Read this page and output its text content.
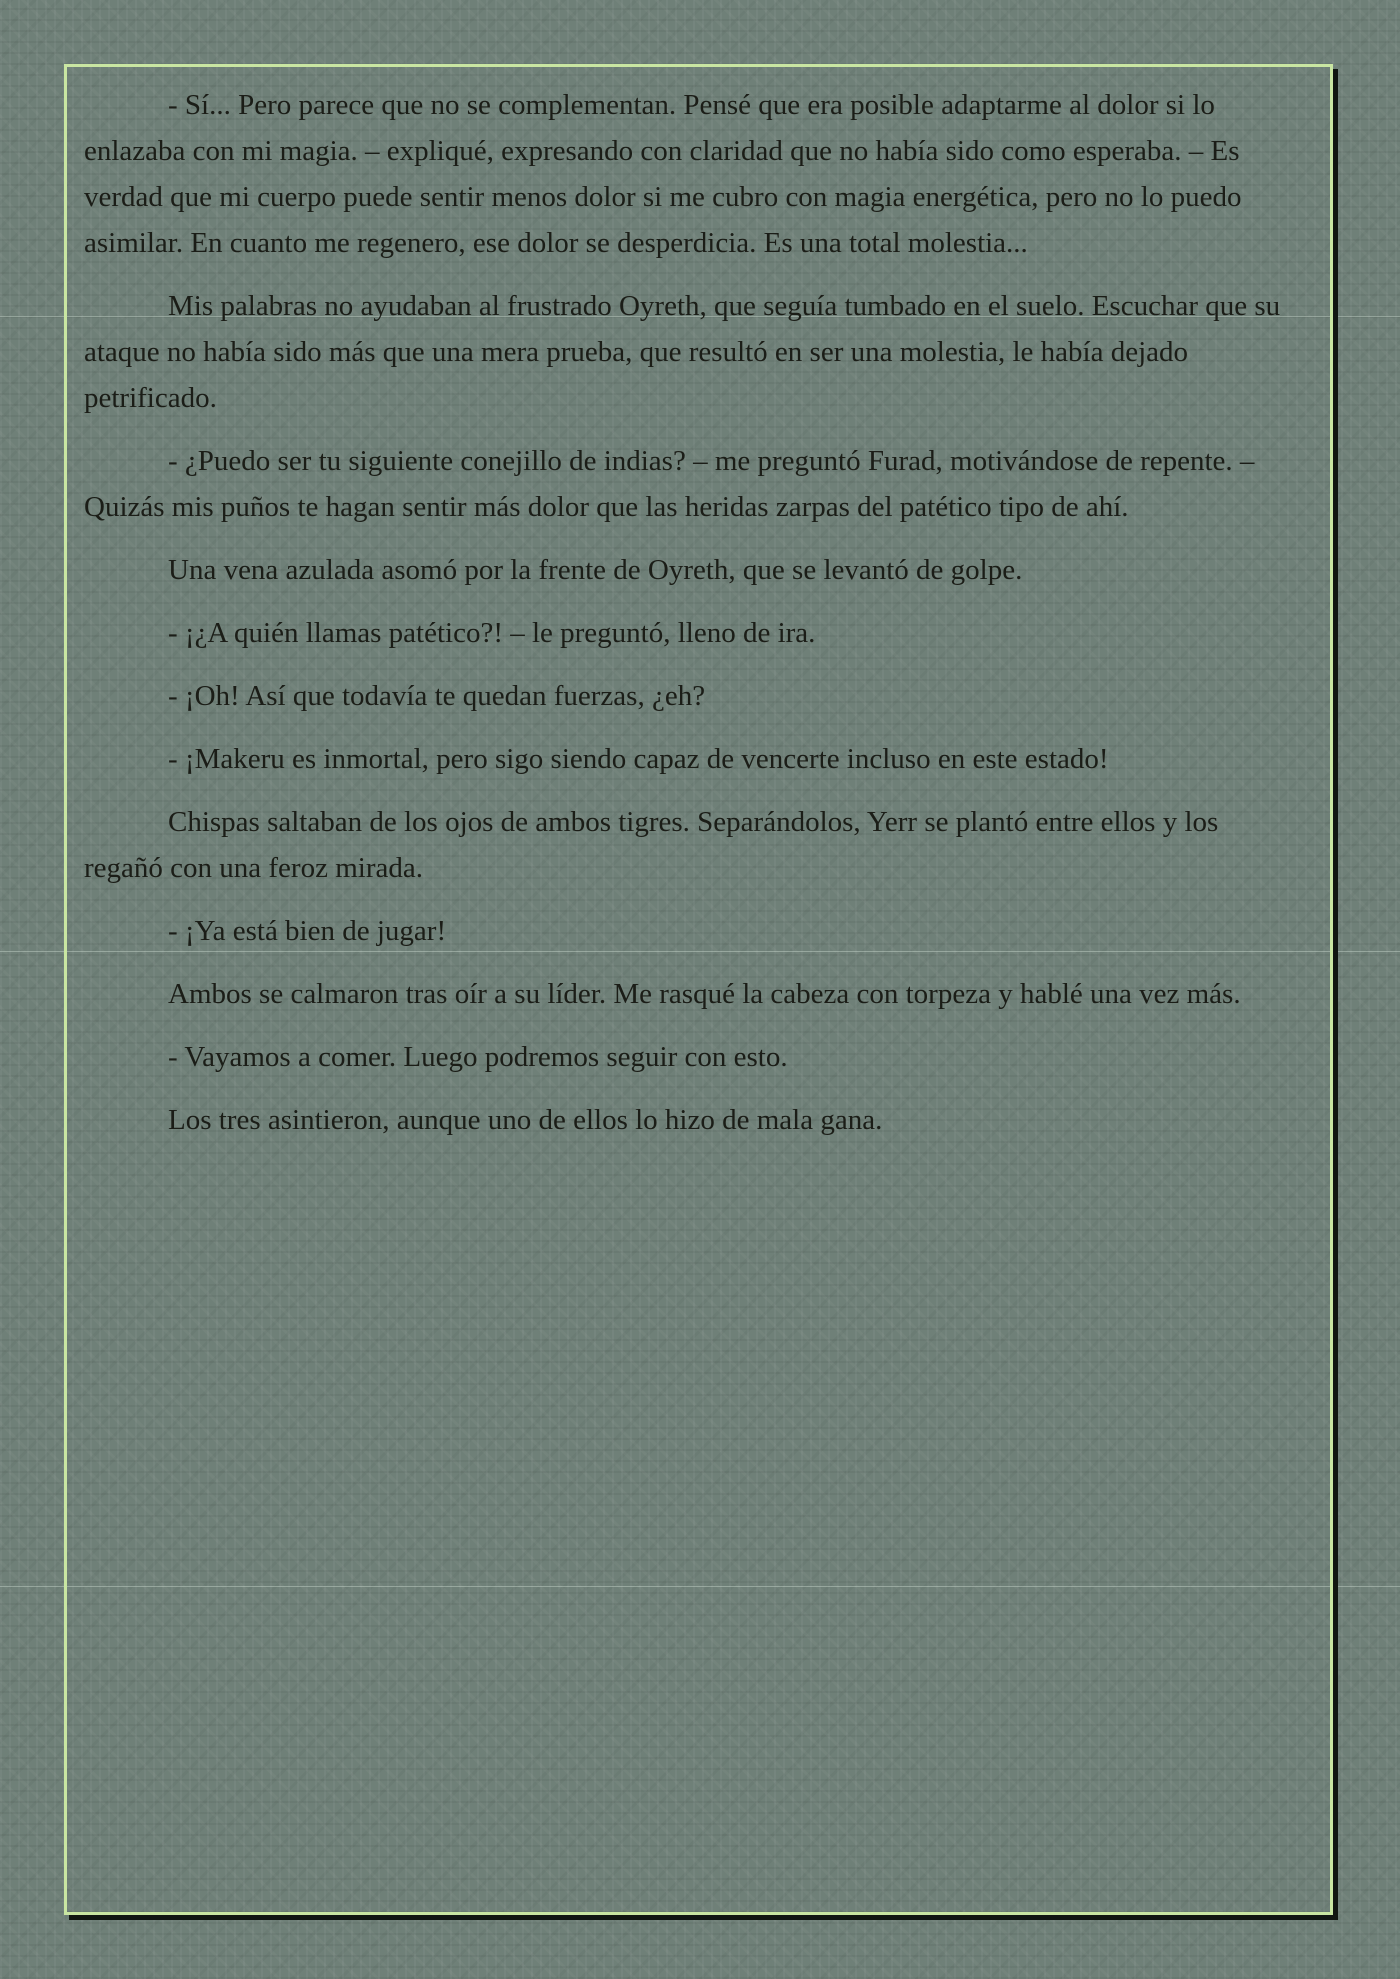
- Sí... Pero parece que no se complementan. Pensé que era posible adaptarme al dolor si lo enlazaba con mi magia. – expliqué, expresando con claridad que no había sido como esperaba. – Es verdad que mi cuerpo puede sentir menos dolor si me cubro con magia energética, pero no lo puedo asimilar. En cuanto me regenero, ese dolor se desperdicia. Es una total molestia...

Mis palabras no ayudaban al frustrado Oyreth, que seguía tumbado en el suelo. Escuchar que su ataque no había sido más que una mera prueba, que resultó en ser una molestia, le había dejado petrificado.

- ¿Puedo ser tu siguiente conejillo de indias? – me preguntó Furad, motivándose de repente. – Quizás mis puños te hagan sentir más dolor que las heridas zarpas del patético tipo de ahí.

Una vena azulada asomó por la frente de Oyreth, que se levantó de golpe.

- ¡¿A quién llamas patético?! – le preguntó, lleno de ira.

- ¡Oh! Así que todavía te quedan fuerzas, ¿eh?

- ¡Makeru es inmortal, pero sigo siendo capaz de vencerte incluso en este estado!

Chispas saltaban de los ojos de ambos tigres. Separándolos, Yerr se plantó entre ellos y los regañó con una feroz mirada.

- ¡Ya está bien de jugar!

Ambos se calmaron tras oír a su líder. Me rasqué la cabeza con torpeza y hablé una vez más.

- Vayamos a comer. Luego podremos seguir con esto.

Los tres asintieron, aunque uno de ellos lo hizo de mala gana.
